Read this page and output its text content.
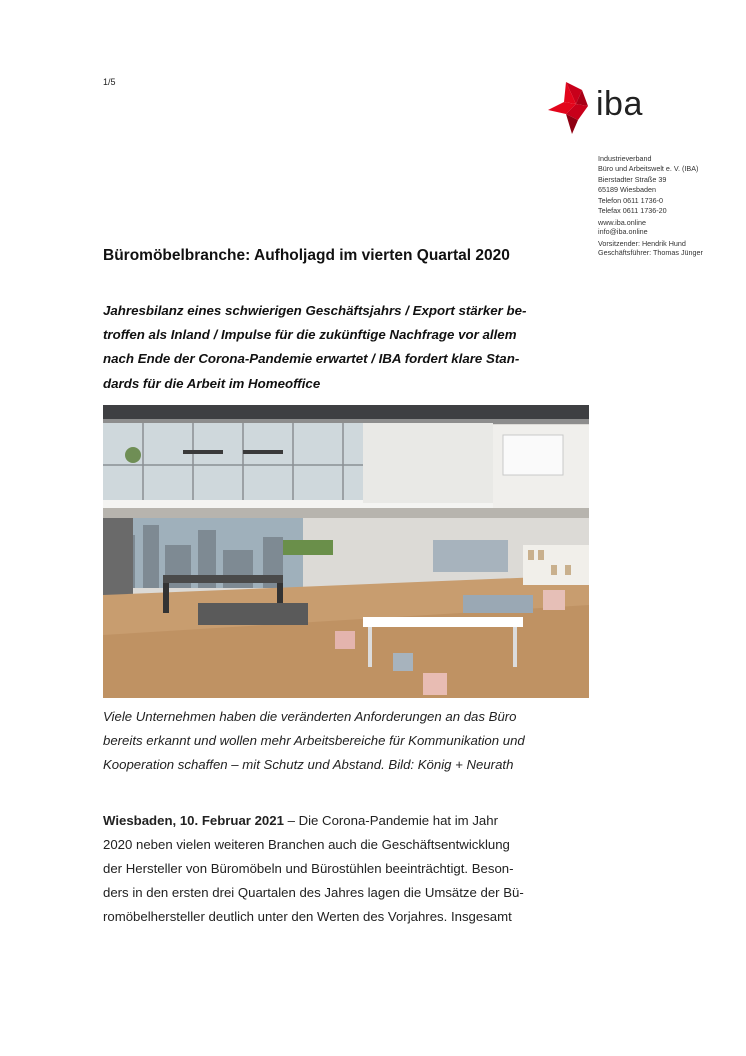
1/5
iba
Industrieverband
Büro und Arbeitswelt e. V. (IBA)
Bierstadter Straße 39
65189 Wiesbaden
Telefon 0611 1736-0
Telefax 0611 1736-20
www.iba.online
info@iba.online
Vorsitzender: Hendrik Hund
Geschäftsführer: Thomas Jünger
Büromöbelbranche: Aufholjagd im vierten Quartal 2020

Jahresbilanz eines schwierigen Geschäftsjahrs / Export stärker be-
troffen als Inland / Impulse für die zukünftige Nachfrage vor allem
nach Ende der Corona-Pandemie erwartet / IBA fordert klare Stan-
dards für die Arbeit im Homeoffice

Viele Unternehmen haben die veränderten Anforderungen an das Büro
bereits erkannt und wollen mehr Arbeitsbereiche für Kommunikation und
Kooperation schaffen – mit Schutz und Abstand. Bild: König + Neurath

Wiesbaden, 10. Februar 2021 – Die Corona-Pandemie hat im Jahr
2020 neben vielen weiteren Branchen auch die Geschäftsentwicklung
der Hersteller von Büromöbeln und Bürostühlen beeinträchtigt. Beson-
ders in den ersten drei Quartalen des Jahres lagen die Umsätze der Bü-
romöbelhersteller deutlich unter den Werten des Vorjahres. Insgesamt
